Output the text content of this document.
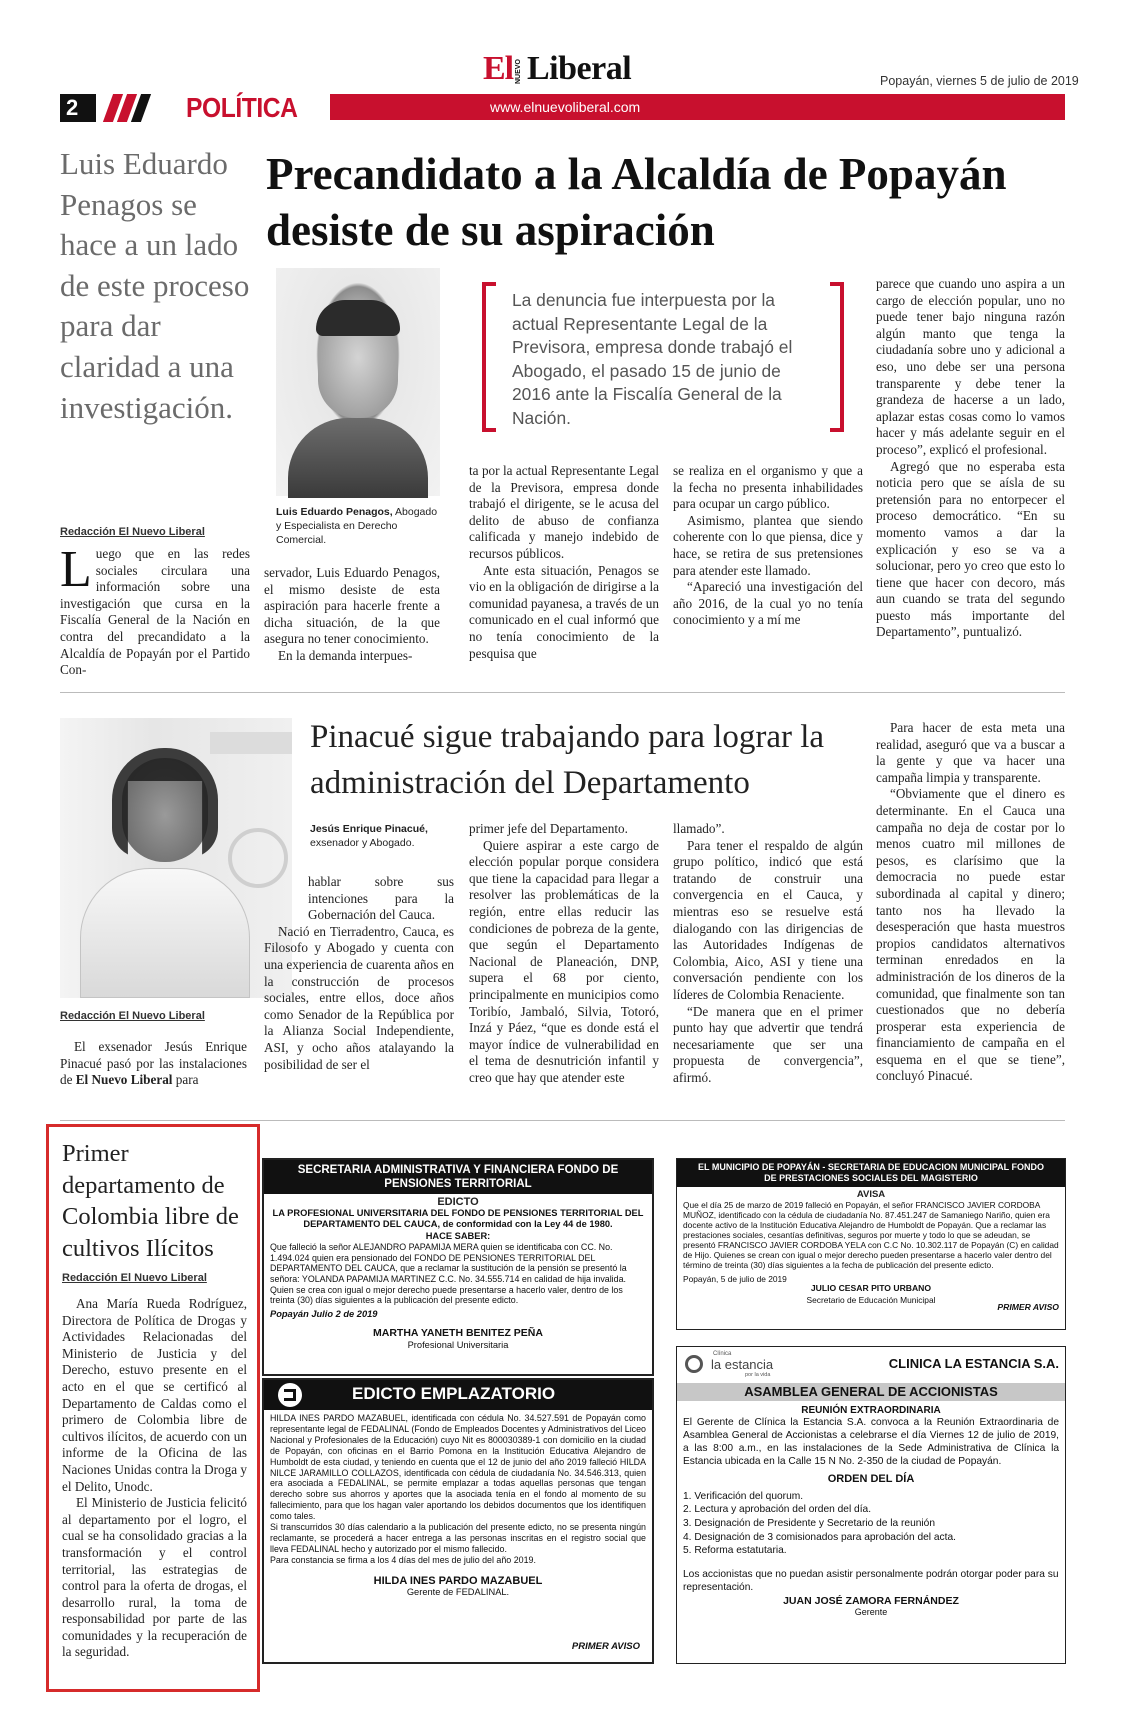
2	POLÍTICA	www.elnuevoliberal.com
El NUEVO Liberal	Popayán, viernes 5 de julio de 2019
Luis Eduardo Penagos se hace a un lado de este proceso para dar claridad a una investigación.
Precandidato a la Alcaldía de Popayán desiste de su aspiración
Redacción El Nuevo Liberal
Luis Eduardo Penagos, Abogado y Especialista en Derecho Comercial.
La denuncia fue interpuesta por la actual Representante Legal de la Previsora, empresa donde trabajó el Abogado, el pasado 15 de junio de 2016 ante la Fiscalía General de la Nación.
L uego que en las redes sociales circulara una información sobre una investigación que cursa en la Fiscalía General de la Nación en contra del precandidato a la Alcaldía de Popayán por el Partido Con-

servador, Luis Eduardo Penagos, el mismo desiste de esta aspiración para hacerle frente a dicha situación, de la que asegura no tener conocimiento.

En la demanda interpues-

ta por la actual Representante Legal de la Previsora, empresa donde trabajó el dirigente, se le acusa del delito de abuso de confianza calificada y manejo indebido de recursos públicos.

Ante esta situación, Penagos se vio en la obligación de dirigirse a la comunidad payanesa, a través de un comunicado en el cual informó que no tenía conocimiento de la pesquisa que

se realiza en el organismo y que a la fecha no presenta inhabilidades para ocupar un cargo público.

Asimismo, plantea que siendo coherente con lo que piensa, dice y hace, se retira de sus pretensiones para atender este llamado.

“Apareció una investigación del año 2016, de la cual yo no tenía conocimiento y a mí me

parece que cuando uno aspira a un cargo de elección popular, uno no puede tener bajo ninguna razón algún manto que tenga la ciudadanía sobre uno y adicional a eso, uno debe ser una persona transparente y debe tener la grandeza de hacerse a un lado, aplazar estas cosas como lo vamos hacer y más adelante seguir en el proceso”, explicó el profesional.

Agregó que no esperaba esta noticia pero que se aísla de su pretensión para no entorpecer el proceso democrático. “En su momento vamos a dar la explicación y eso se va a solucionar, pero yo creo que esto lo tiene que hacer con decoro, más aun cuando se trata del segundo puesto más importante del Departamento”, puntualizó.

Redacción El Nuevo Liberal
Pinacué sigue trabajando para lograr la administración del Departamento
Jesús Enrique Pinacué, exsenador y Abogado.

El exsenador Jesús Enrique Pinacué pasó por las instalaciones de El Nuevo Liberal para

hablar sobre sus intenciones para la Gobernación del Cauca.

Nació en Tierradentro, Cauca, es Filosofo y Abogado y cuenta con una experiencia de cuarenta años en la construcción de procesos sociales, entre ellos, doce años como Senador de la República por la Alianza Social Independiente, ASI, y ocho años atalayando la posibilidad de ser el

primer jefe del Departamento.

Quiere aspirar a este cargo de elección popular porque considera que tiene la capacidad para llegar a resolver las problemáticas de la región, entre ellas reducir las condiciones de pobreza de la gente, que según el Departamento Nacional de Planeación, DNP, supera el 68 por ciento, principalmente en municipios como Toribío, Jambaló, Silvia, Totoró, Inzá y Páez, “que es donde está el mayor índice de vulnerabilidad en el tema de desnutrición infantil y creo que hay que atender este

llamado”.

Para tener el respaldo de algún grupo político, indicó que está tratando de construir una convergencia en el Cauca, y mientras eso se resuelve está dialogando con las dirigencias de las Autoridades Indígenas de Colombia, Aico, ASI y tiene una conversación pendiente con los líderes de Colombia Renaciente.

“De manera que en el primer punto hay que advertir que tendrá necesariamente que ser una propuesta de convergencia”, afirmó.

Para hacer de esta meta una realidad, aseguró que va a buscar a la gente y que va hacer una campaña limpia y transparente.

“Obviamente que el dinero es determinante. En el Cauca una campaña no deja de costar por lo menos cuatro mil millones de pesos, es clarísimo que la democracia no puede estar subordinada al capital y dinero; tanto nos ha llevado la desesperación que hasta muestros propios candidatos alternativos terminan enredados en la administración de los dineros de la comunidad, que finalmente son tan cuestionados que no debería prosperar esta experiencia de financiamiento de campaña en el esquema en el que se tiene”, concluyó Pinacué.

Primer departamento de Colombia libre de cultivos Ilícitos
Redacción El Nuevo Liberal

Ana María Rueda Rodríguez, Directora de Política de Drogas y Actividades Relacionadas del Ministerio de Justicia y del Derecho, estuvo presente en el acto en el que se certificó al Departamento de Caldas como el primero de Colombia libre de cultivos ilícitos, de acuerdo con un informe de la Oficina de las Naciones Unidas contra la Droga y el Delito, Unodc.

El Ministerio de Justicia felicitó al departamento por el logro, el cual se ha consolidado gracias a la transformación y el control territorial, las estrategias de control para la oferta de drogas, el desarrollo rural, la toma de responsabilidad por parte de las comunidades y la recuperación de la seguridad.

SECRETARIA ADMINISTRATIVA Y FINANCIERA FONDO DE PENSIONES TERRITORIAL
EDICTO
LA PROFESIONAL UNIVERSITARIA DEL FONDO DE PENSIONES TERRITORIAL DEL DEPARTAMENTO DEL CAUCA, de conformidad con la Ley 44 de 1980.
HACE SABER:
Que falleció la señor ALEJANDRO PAPAMIJA MERA quien se identificaba con CC. No. 1.494.024 quien era pensionado del FONDO DE PENSIONES TERRITORIAL DEL DEPARTAMENTO DEL CAUCA, que a reclamar la sustitución de la pensión se presentó la señora: YOLANDA PAPAMIJA MARTINEZ C.C. No. 34.555.714 en calidad de hija invalida.
Quien se crea con igual o mejor derecho puede presentarse a hacerlo valer, dentro de los treinta (30) días siguientes a la publicación del presente edicto.
Popayán Julio 2 de 2019
MARTHA YANETH BENITEZ PEÑA
Profesional Universitaria
EL MUNICIPIO DE POPAYÁN - SECRETARIA DE EDUCACION MUNICIPAL FONDO DE PRESTACIONES SOCIALES DEL MAGISTERIO
AVISA
Que el día 25 de marzo de 2019 falleció en Popayán, el señor FRANCISCO JAVIER CORDOBA MUÑOZ, identificado con la cédula de ciudadanía No. 87.451.247 de Samaniego Nariño, quien era docente activo de la Institución Educativa Alejandro de Humboldt de Popayán. Que a reclamar las prestaciones sociales, cesantías definitivas, seguros por muerte y todo lo que se adeudan, se presentó FRANCISCO JAVIER CORDOBA YELA con C.C No. 10.302.117 de Popayán (C) en calidad de Hijo. Quienes se crean con igual o mejor derecho pueden presentarse a hacerlo valer dentro del término de treinta (30) días siguientes a la fecha de publicación del presente edicto.
Popayán, 5 de julio de 2019
JULIO CESAR PITO URBANO
Secretario de Educación Municipal
PRIMER AVISO
EDICTO EMPLAZATORIO
HILDA INES PARDO MAZABUEL, identificada con cédula No. 34.527.591 de Popayán como representante legal de FEDALINAL (Fondo de Empleados Docentes y Administrativos del Liceo Nacional y Profesionales de la Educación) cuyo Nit es 800030389-1 con domicilio en la ciudad de Popayán, con oficinas en el Barrio Pomona en la Institución Educativa Alejandro de Humboldt de esta ciudad, y teniendo en cuenta que el 12 de junio del año 2019 falleció HILDA NILCE JARAMILLO COLLAZOS, identificada con cédula de ciudadanía No. 34.546.313, quien era asociada a FEDALINAL, se permite emplazar a todas aquellas personas que tengan derecho sobre sus ahorros y aportes que la asociada tenía en el fondo al momento de su fallecimiento, para que los hagan valer aportando los debidos documentos que los identifiquen como tales.
Si transcurridos 30 días calendario a la publicación del presente edicto, no se presenta ningún reclamante, se procederá a hacer entrega a las personas inscritas en el registro social que lleva FEDALINAL hecho y autorizado por el mismo fallecido.
Para constancia se firma a los 4 días del mes de julio del año 2019.
HILDA INES PARDO MAZABUEL
Gerente de FEDALINAL.
PRIMER AVISO
Clínica
la estancia
por la vida
CLINICA LA ESTANCIA S.A.
ASAMBLEA GENERAL DE ACCIONISTAS
REUNIÓN EXTRAORDINARIA
El Gerente de Clínica la Estancia S.A. convoca a la Reunión Extraordinaria de Asamblea General de Accionistas a celebrarse el día Viernes 12 de julio de 2019, a las 8:00 a.m., en las instalaciones de la Sede Administrativa de Clínica la Estancia ubicada en la Calle 15 N No. 2-350 de la ciudad de Popayán.
ORDEN DEL DÍA
1. Verificación del quorum.
2. Lectura y aprobación del orden del día.
3. Designación de Presidente y Secretario de la reunión
4. Designación de 3 comisionados para aprobación del acta.
5. Reforma estatutaria.
Los accionistas que no puedan asistir personalmente podrán otorgar poder para su representación.
JUAN JOSÉ ZAMORA FERNÁNDEZ
Gerente
